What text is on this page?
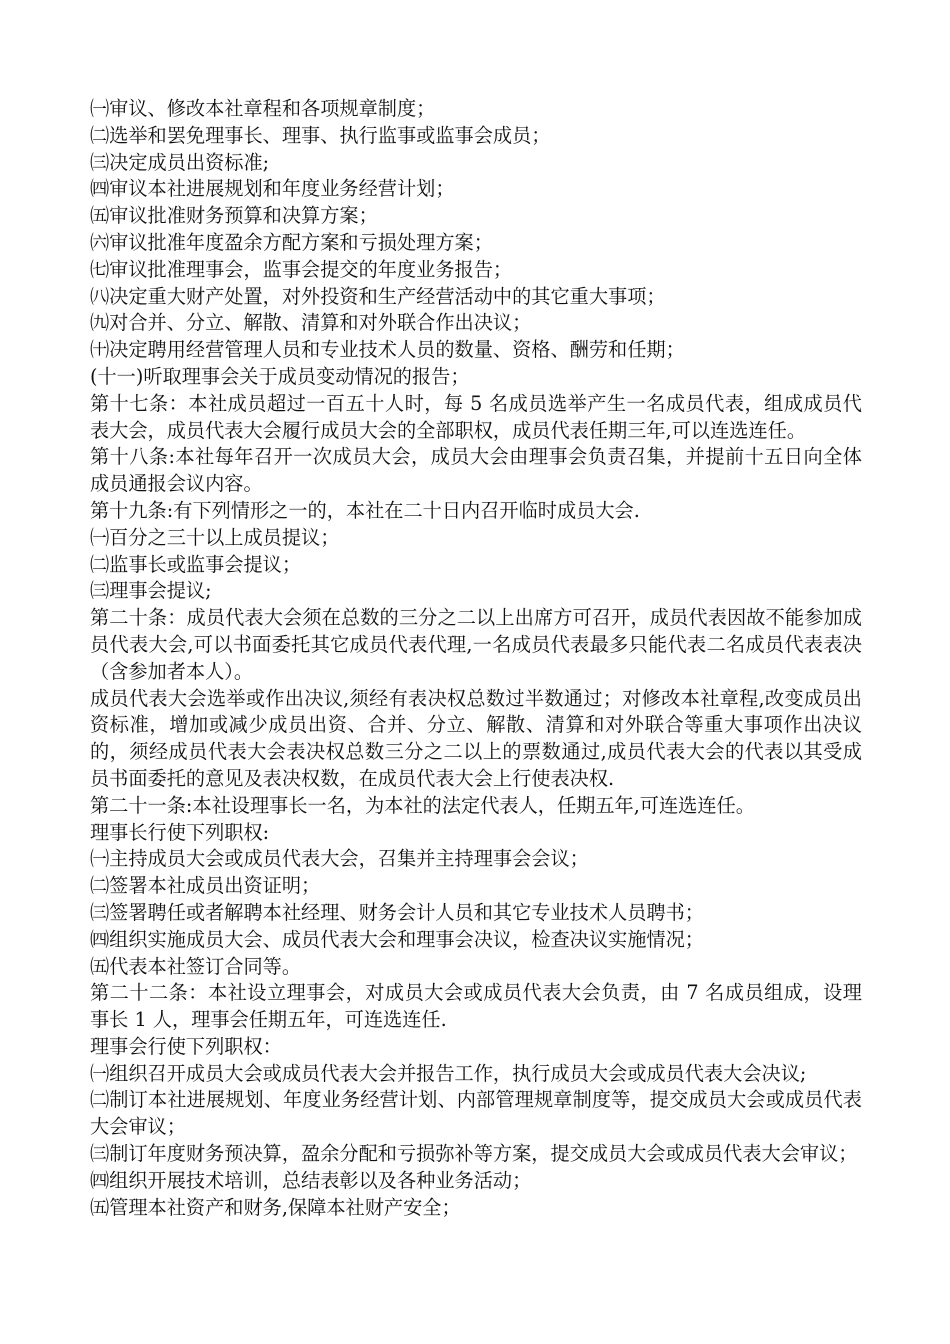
㈠审议、修改本社章程和各项规章制度；

㈡选举和罢免理事长、理事、执行监事或监事会成员；

㈢决定成员出资标准;

㈣审议本社进展规划和年度业务经营计划；

㈤审议批准财务预算和决算方案；

㈥审议批准年度盈余方配方案和亏损处理方案；

㈦审议批准理事会，监事会提交的年度业务报告；

㈧决定重大财产处置，对外投资和生产经营活动中的其它重大事项；

㈨对合并、分立、解散、清算和对外联合作出决议；

㈩决定聘用经营管理人员和专业技术人员的数量、资格、酬劳和任期；

(十一)听取理事会关于成员变动情况的报告；

第十七条：本社成员超过一百五十人时，每 5 名成员选举产生一名成员代表，组成成员代表大会，成员代表大会履行成员大会的全部职权，成员代表任期三年,可以连选连任。

第十八条:本社每年召开一次成员大会，成员大会由理事会负责召集，并提前十五日向全体成员通报会议内容。

第十九条:有下列情形之一的，本社在二十日内召开临时成员大会.

㈠百分之三十以上成员提议；

㈡监事长或监事会提议；

㈢理事会提议;

第二十条：成员代表大会须在总数的三分之二以上出席方可召开，成员代表因故不能参加成员代表大会,可以书面委托其它成员代表代理,一名成员代表最多只能代表二名成员代表表决（含参加者本人）。

成员代表大会选举或作出决议,须经有表决权总数过半数通过；对修改本社章程,改变成员出资标准，增加或减少成员出资、合并、分立、解散、清算和对外联合等重大事项作出决议的，须经成员代表大会表决权总数三分之二以上的票数通过,成员代表大会的代表以其受成员书面委托的意见及表决权数，在成员代表大会上行使表决权.

第二十一条:本社设理事长一名，为本社的法定代表人，任期五年,可连选连任。

理事长行使下列职权:

㈠主持成员大会或成员代表大会，召集并主持理事会会议；

㈡签署本社成员出资证明；

㈢签署聘任或者解聘本社经理、财务会计人员和其它专业技术人员聘书；

㈣组织实施成员大会、成员代表大会和理事会决议，检查决议实施情况；

㈤代表本社签订合同等。

第二十二条：本社设立理事会，对成员大会或成员代表大会负责，由 7 名成员组成，设理事长 1 人，理事会任期五年，可连选连任.

理事会行使下列职权：

㈠组织召开成员大会或成员代表大会并报告工作，执行成员大会或成员代表大会决议;

㈡制订本社进展规划、年度业务经营计划、内部管理规章制度等，提交成员大会或成员代表大会审议；

㈢制订年度财务预决算，盈余分配和亏损弥补等方案，提交成员大会或成员代表大会审议；

㈣组织开展技术培训，总结表彰以及各种业务活动；

㈤管理本社资产和财务,保障本社财产安全；
